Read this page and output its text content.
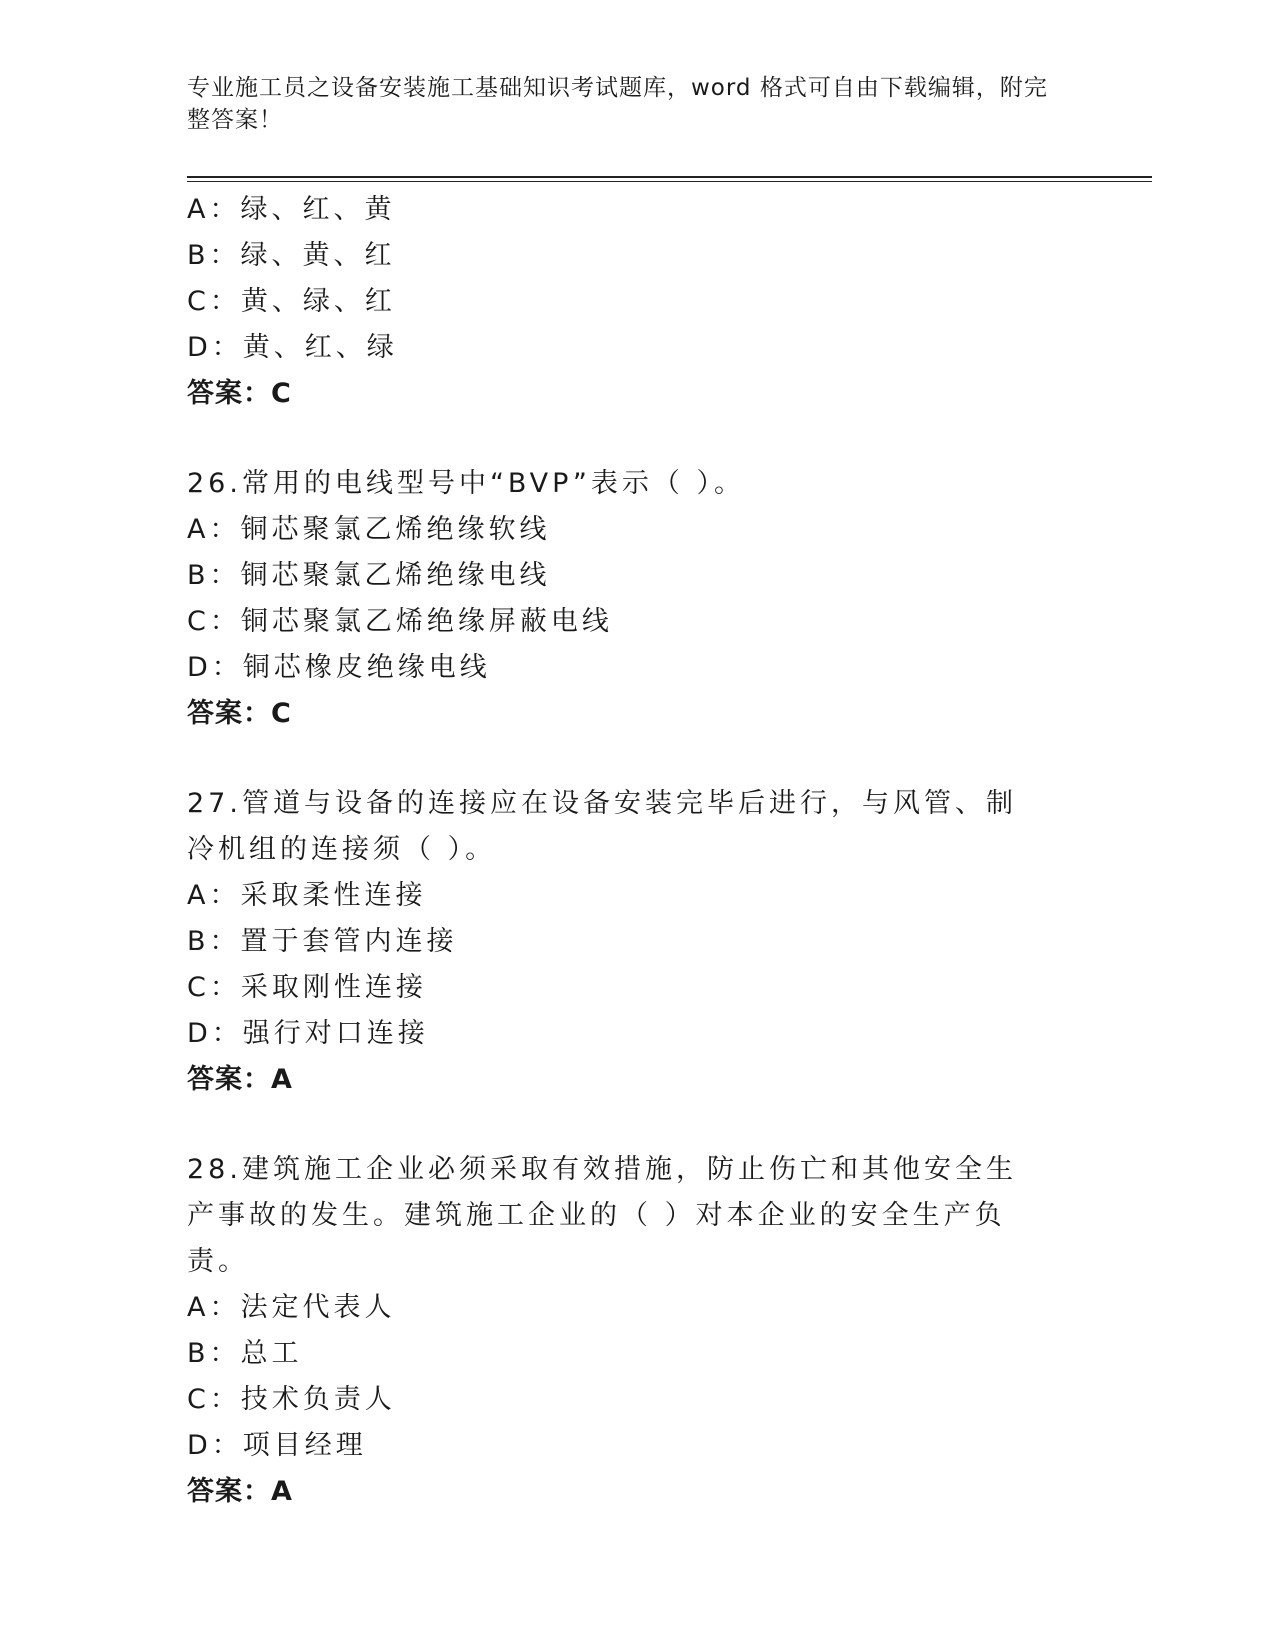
专业施工员之设备安装施工基础知识考试题库，word 格式可自由下载编辑，附完整答案！
A：绿、红、黄
B：绿、黄、红
C：黄、绿、红
D：黄、红、绿
答案：C
26.常用的电线型号中“BVP”表示（ ）。
A：铜芯聚氯乙烯绝缘软线
B：铜芯聚氯乙烯绝缘电线
C：铜芯聚氯乙烯绝缘屏蔽电线
D：铜芯橡皮绝缘电线
答案：C
27.管道与设备的连接应在设备安装完毕后进行，与风管、制冷机组的连接须（ ）。
A：采取柔性连接
B：置于套管内连接
C：采取刚性连接
D：强行对口连接
答案：A
28.建筑施工企业必须采取有效措施，防止伤亡和其他安全生产事故的发生。建筑施工企业的（ ）对本企业的安全生产负责。
A：法定代表人
B：总工
C：技术负责人
D：项目经理
答案：A
